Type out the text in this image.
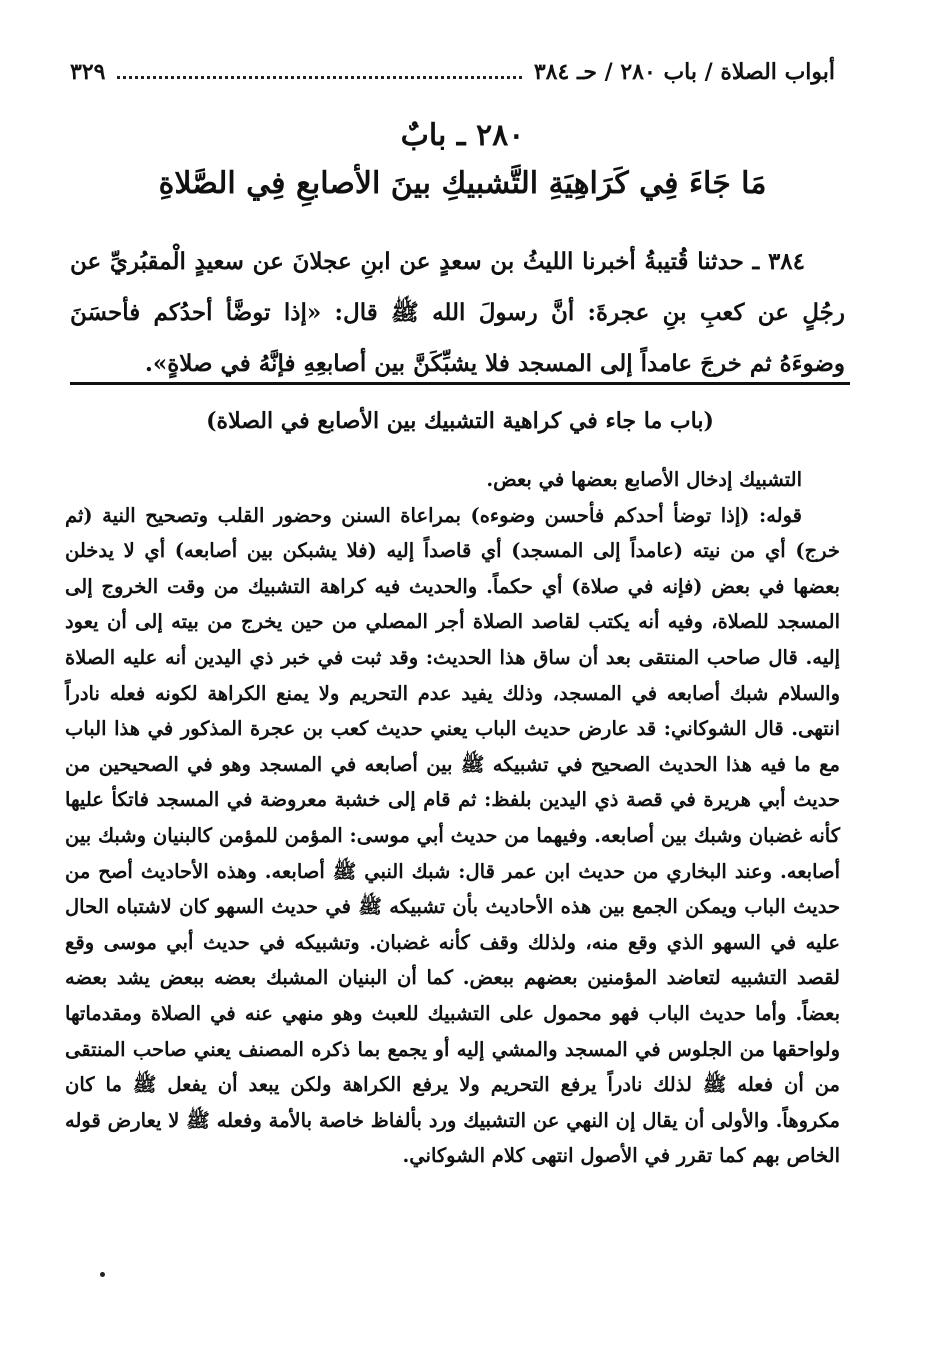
أبواب الصلاة / باب ٢٨٠ / حـ ٣٨٤
٣٢٩
٢٨٠ ـ بابٌ
مَا جَاءَ فِي كَرَاهِيَةِ التَّشبيكِ بينَ الأصابعِ فِي الصَّلاةِ
٣٨٤ ـ حدثنا قُتيبةُ أخبرنا الليثُ بن سعدٍ عن ابنِ عجلانَ عن سعيدٍ الْمقبُريِّ عن رجُلٍ عن كعبِ بنِ عجرةَ: أنَّ رسولَ الله ﷺ قال: «إذا توضَّأ أحدُكم فأحسَنَ وضوءَهُ ثم خرجَ عامداً إلى المسجد فلا يشبِّكَنَّ بين أصابعِهِ فإنَّهُ في صلاةٍ».
(باب ما جاء في كراهية التشبيك بين الأصابع في الصلاة)

التشبيك إدخال الأصابع بعضها في بعض.

قوله: (إذا توضأ أحدكم فأحسن وضوءه) بمراعاة السنن وحضور القلب وتصحيح النية (ثم خرج) أي من نيته (عامداً إلى المسجد) أي قاصداً إليه (فلا يشبكن بين أصابعه) أي لا يدخلن بعضها في بعض (فإنه في صلاة) أي حكماً. والحديث فيه كراهة التشبيك من وقت الخروج إلى المسجد للصلاة، وفيه أنه يكتب لقاصد الصلاة أجر المصلي من حين يخرج من بيته إلى أن يعود إليه. قال صاحب المنتقى بعد أن ساق هذا الحديث: وقد ثبت في خبر ذي اليدين أنه عليه الصلاة والسلام شبك أصابعه في المسجد، وذلك يفيد عدم التحريم ولا يمنع الكراهة لكونه فعله نادراً انتهى. قال الشوكاني: قد عارض حديث الباب يعني حديث كعب بن عجرة المذكور في هذا الباب مع ما فيه هذا الحديث الصحيح في تشبيكه ﷺ بين أصابعه في المسجد وهو في الصحيحين من حديث أبي هريرة في قصة ذي اليدين بلفظ: ثم قام إلى خشبة معروضة في المسجد فاتكأ عليها كأنه غضبان وشبك بين أصابعه. وفيهما من حديث أبي موسى: المؤمن للمؤمن كالبنيان وشبك بين أصابعه. وعند البخاري من حديث ابن عمر قال: شبك النبي ﷺ أصابعه. وهذه الأحاديث أصح من حديث الباب ويمكن الجمع بين هذه الأحاديث بأن تشبيكه ﷺ في حديث السهو كان لاشتباه الحال عليه في السهو الذي وقع منه، ولذلك وقف كأنه غضبان. وتشبيكه في حديث أبي موسى وقع لقصد التشبيه لتعاضد المؤمنين بعضهم ببعض. كما أن البنيان المشبك بعضه ببعض يشد بعضه بعضاً. وأما حديث الباب فهو محمول على التشبيك للعبث وهو منهي عنه في الصلاة ومقدماتها ولواحقها من الجلوس في المسجد والمشي إليه أو يجمع بما ذكره المصنف يعني صاحب المنتقى من أن فعله ﷺ لذلك نادراً يرفع التحريم ولا يرفع الكراهة ولكن يبعد أن يفعل ﷺ ما كان مكروهاً. والأولى أن يقال إن النهي عن التشبيك ورد بألفاظ خاصة بالأمة وفعله ﷺ لا يعارض قوله الخاص بهم كما تقرر في الأصول انتهى كلام الشوكاني.
